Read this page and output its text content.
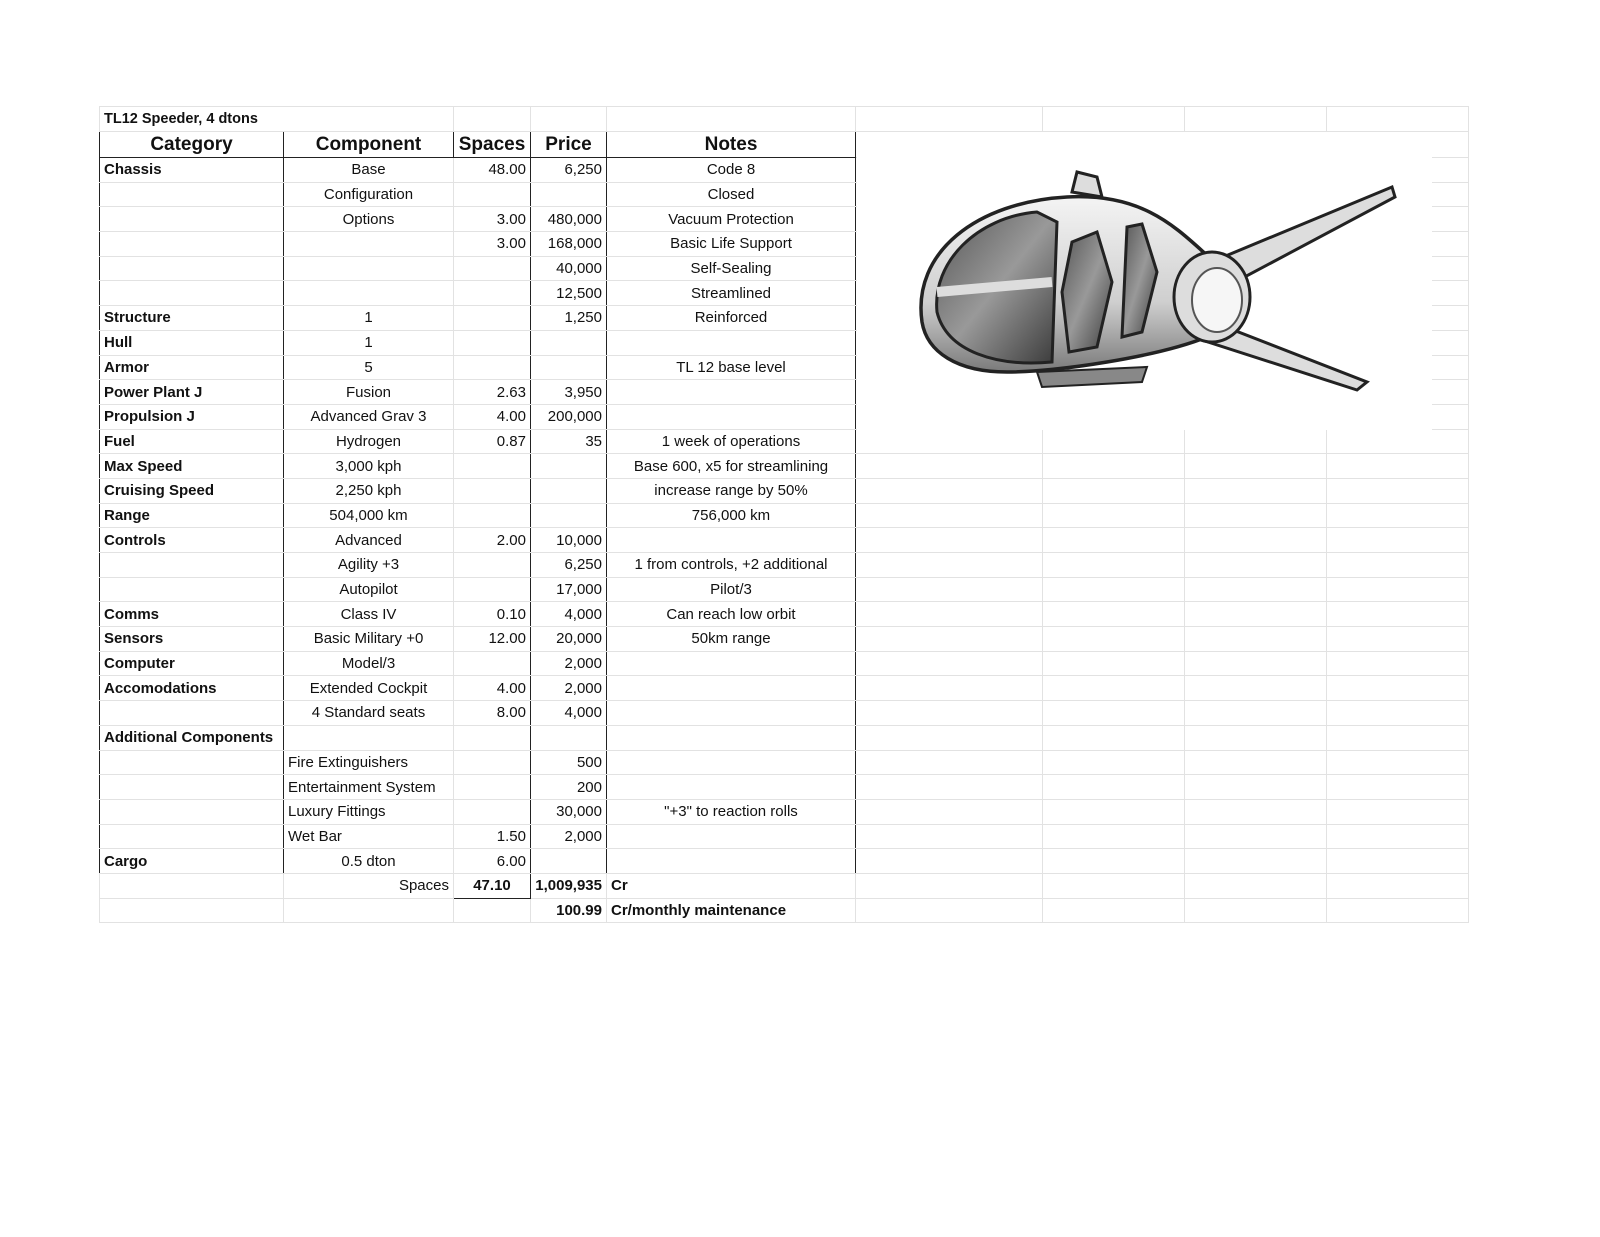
TL12 Speeder, 4 dtons								
Category	Component	Spaces	Price	Notes				
Chassis	Base	48.00	6,250	Code 8				
	Configuration			Closed				
	Options	3.00	480,000	Vacuum Protection				
		3.00	168,000	Basic Life Support				
			40,000	Self-Sealing				
			12,500	Streamlined				
Structure	1		1,250	Reinforced				
Hull	1							
Armor	5			TL 12 base level				
Power Plant J	Fusion	2.63	3,950					
Propulsion J	Advanced Grav 3	4.00	200,000					
Fuel	Hydrogen	0.87	35	1 week of operations				
Max Speed	3,000 kph			Base 600, x5 for streamlining				
Cruising Speed	2,250 kph			increase range by 50%				
Range	504,000 km			756,000 km				
Controls	Advanced	2.00	10,000					
	Agility +3		6,250	1 from controls, +2 additional				
	Autopilot		17,000	Pilot/3				
Comms	Class IV	0.10	4,000	Can reach low orbit				
Sensors	Basic Military +0	12.00	20,000	50km range				
Computer	Model/3		2,000					
Accomodations	Extended Cockpit	4.00	2,000					
	4 Standard seats	8.00	4,000					
Additional Components								
	Fire Extinguishers		500					
	Entertainment System		200					
	Luxury Fittings		30,000	"+3" to reaction rolls				
	Wet Bar	1.50	2,000					
Cargo	0.5 dton	6.00						
	Spaces	47.10	1,009,935	Cr				
			100.99	Cr/monthly maintenance				
